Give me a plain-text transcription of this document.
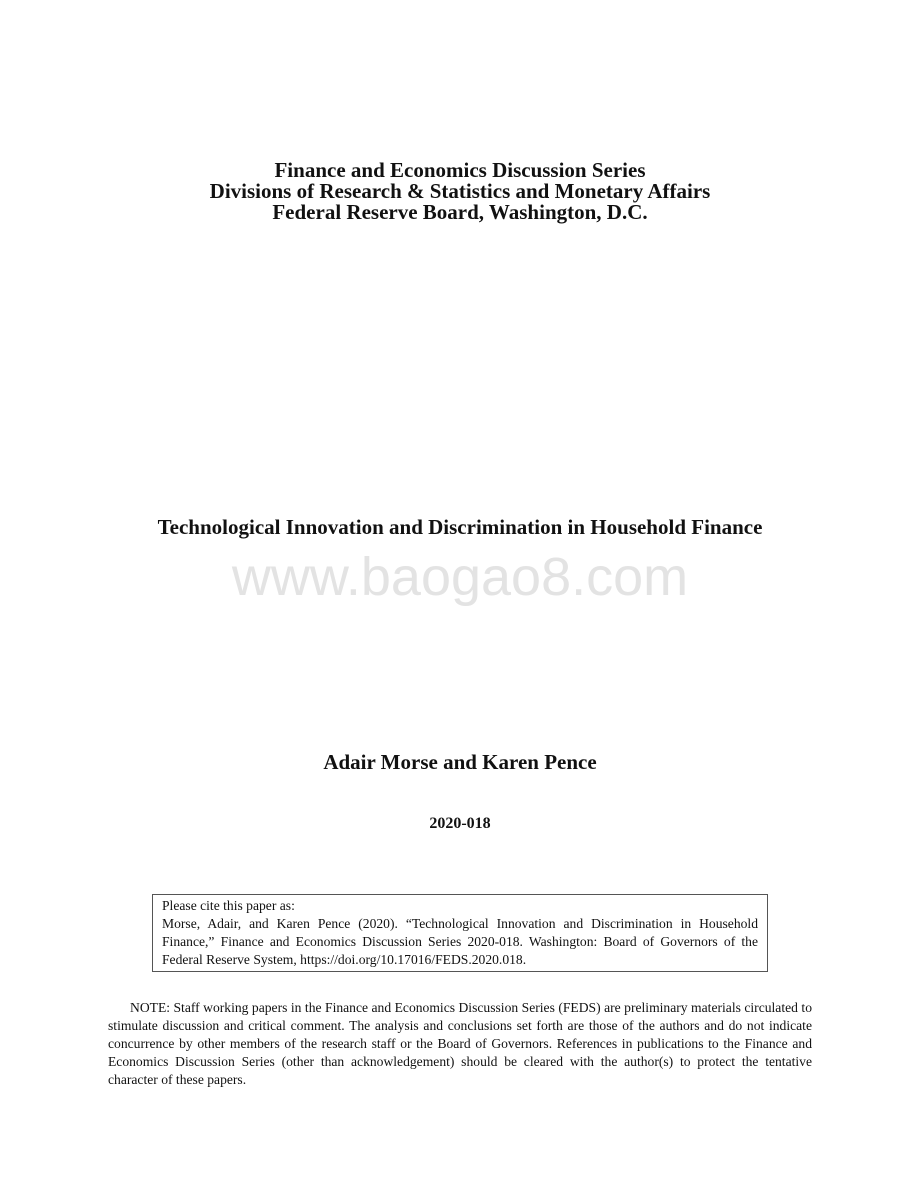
Finance and Economics Discussion Series
Divisions of Research & Statistics and Monetary Affairs
Federal Reserve Board, Washington, D.C.
Technological Innovation and Discrimination in Household Finance
www.baogao8.com
Adair Morse and Karen Pence
2020-018
Please cite this paper as:
Morse, Adair, and Karen Pence (2020). “Technological Innovation and Discrimination in Household Finance,” Finance and Economics Discussion Series 2020-018. Washington: Board of Governors of the Federal Reserve System, https://doi.org/10.17016/FEDS.2020.018.
NOTE: Staff working papers in the Finance and Economics Discussion Series (FEDS) are preliminary materials circulated to stimulate discussion and critical comment. The analysis and conclusions set forth are those of the authors and do not indicate concurrence by other members of the research staff or the Board of Governors. References in publications to the Finance and Economics Discussion Series (other than acknowledgement) should be cleared with the author(s) to protect the tentative character of these papers.
